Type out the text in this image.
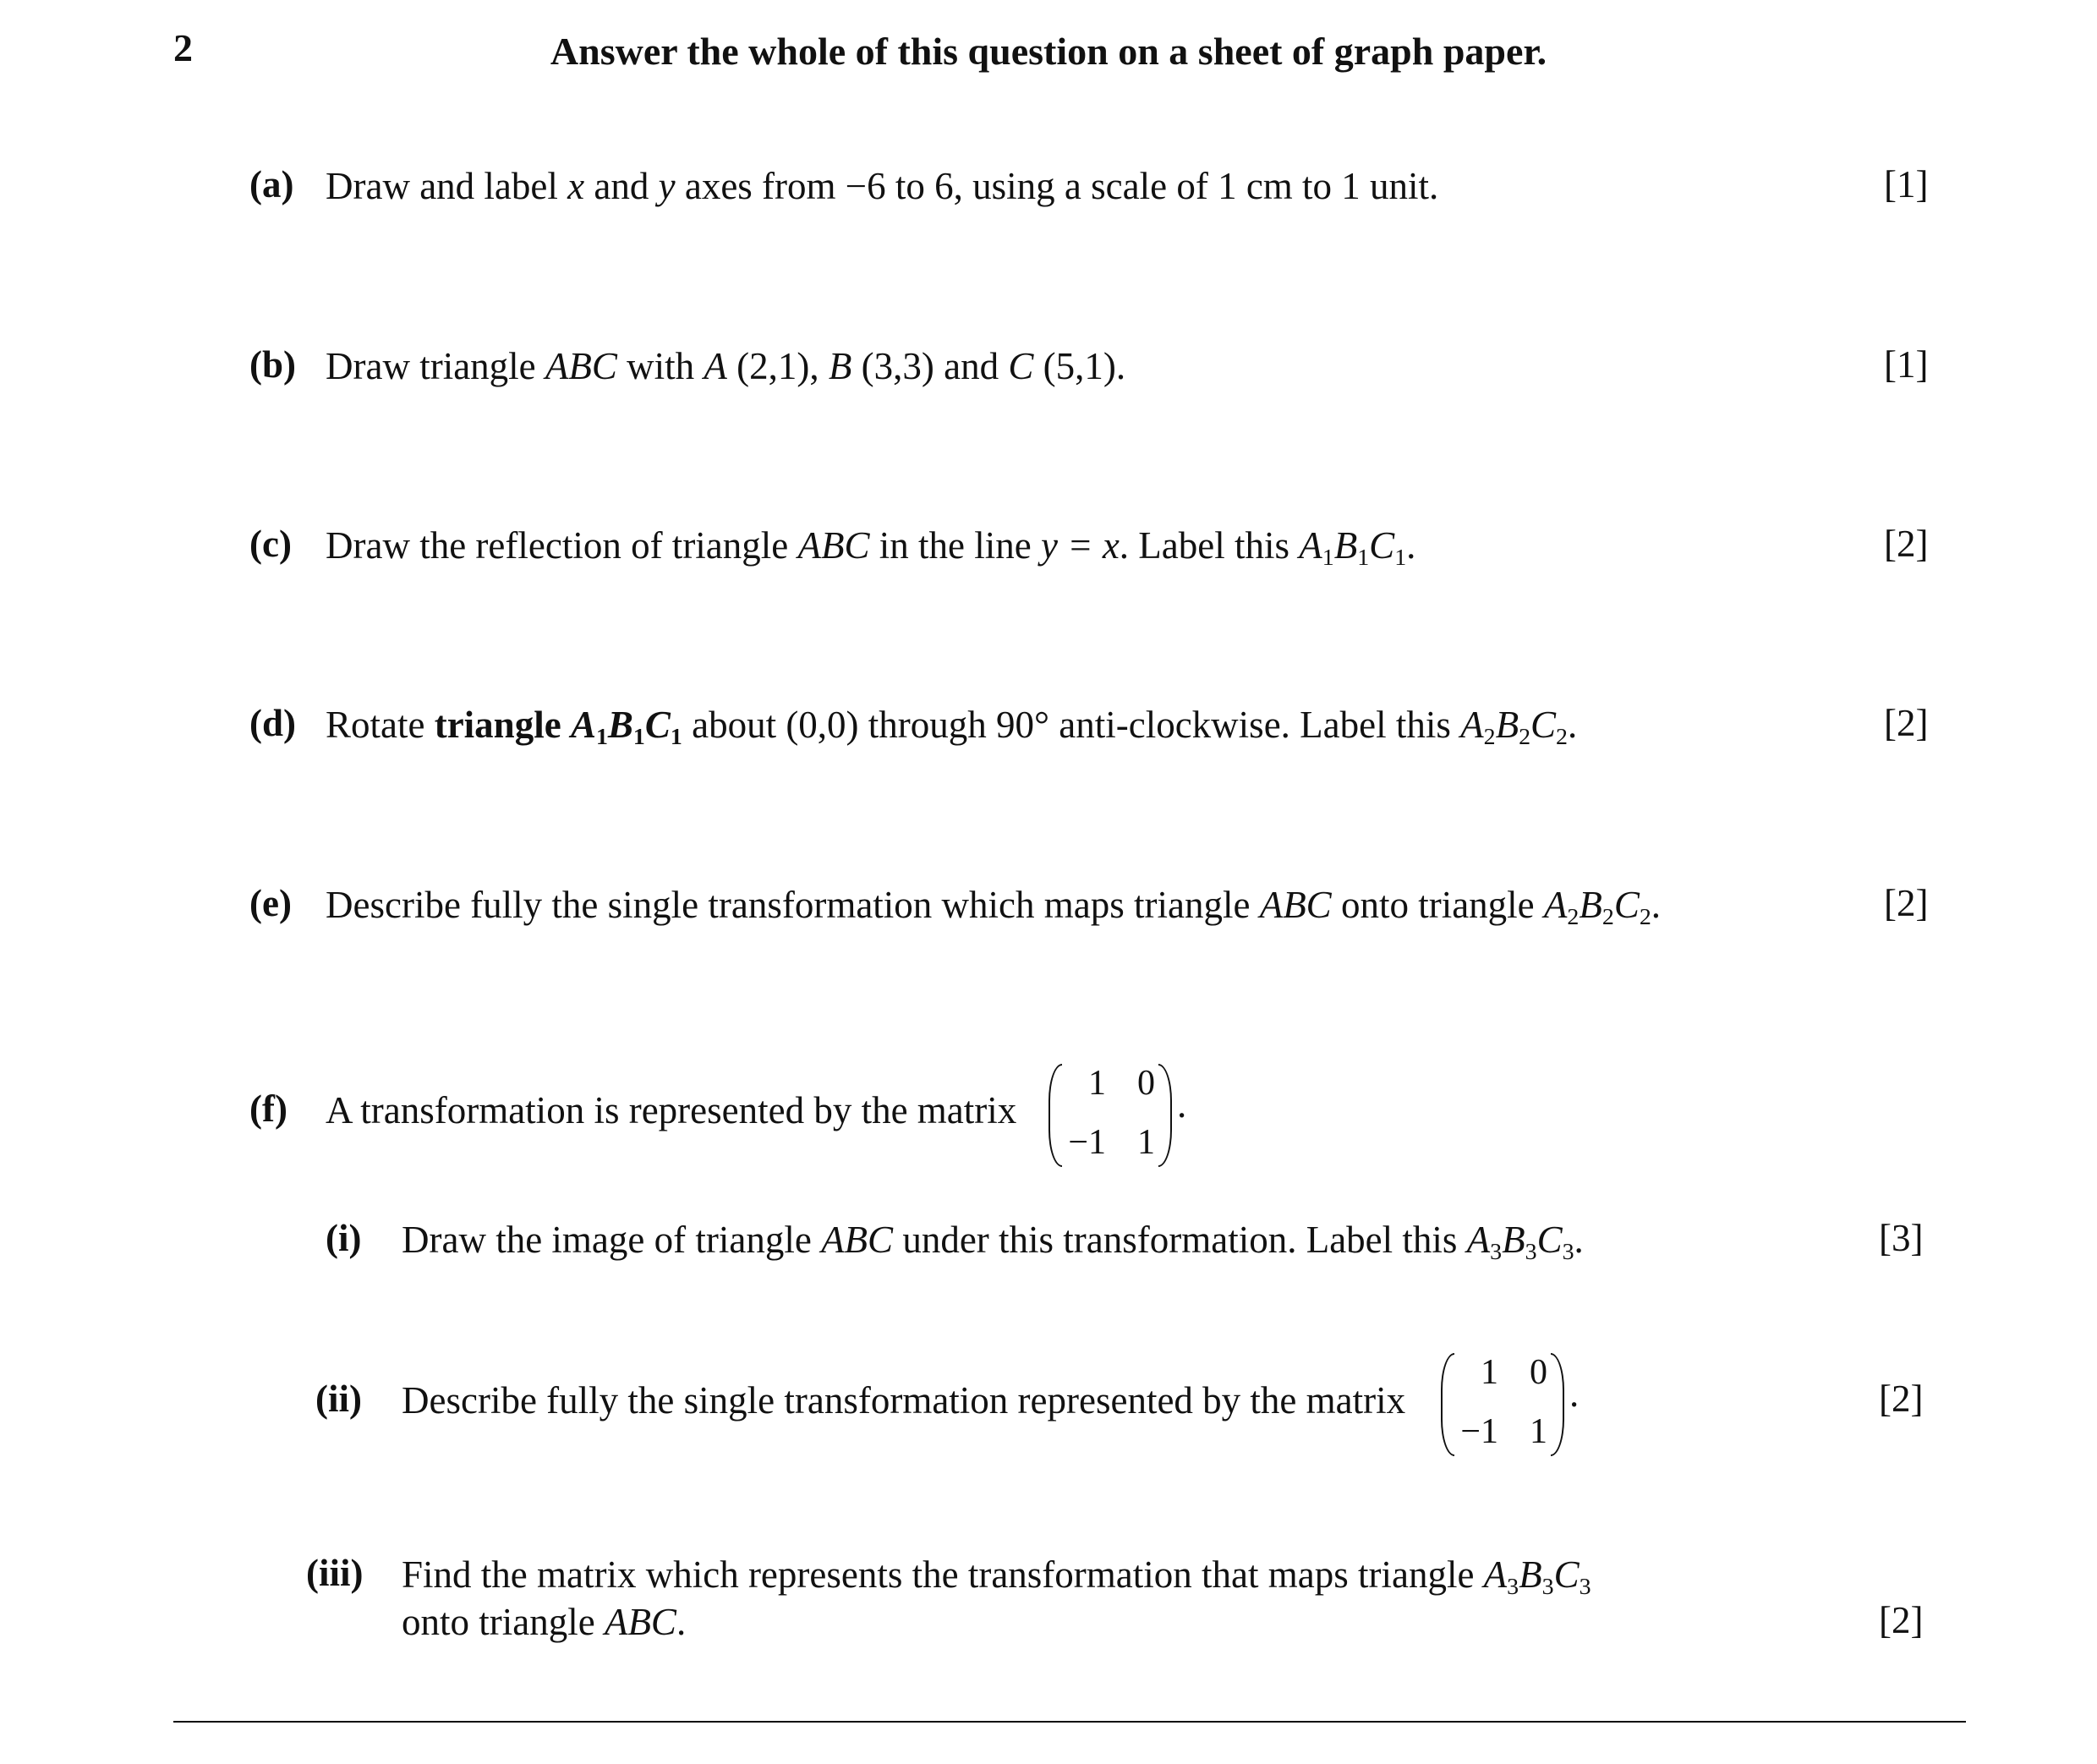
2	Answer the whole of this question on a sheet of graph paper.
(a) Draw and label x and y axes from −6 to 6, using a scale of 1 cm to 1 unit.	[1]
(b) Draw triangle ABC with A (2,1), B (3,3) and C (5,1).	[1]
(c) Draw the reflection of triangle ABC in the line y = x. Label this $A_1B_1C_1$.	[2]
(d) Rotate triangle $A_1B_1C_1$ about (0,0) through 90° anti-clockwise. Label this $A_2B_2C_2$.	[2]
(e) Describe fully the single transformation which maps triangle ABC onto triangle $A_2B_2C_2$.	[2]
(f) A transformation is represented by the matrix
1 0
−1 1
.
(i) Draw the image of triangle ABC under this transformation. Label this $A_3B_3C_3$.	[3]
(ii) Describe fully the single transformation represented by the matrix
1 0
−1 1
.	[2]
(iii) Find the matrix which represents the transformation that maps triangle $A_3B_3C_3$
onto triangle ABC.	[2]
